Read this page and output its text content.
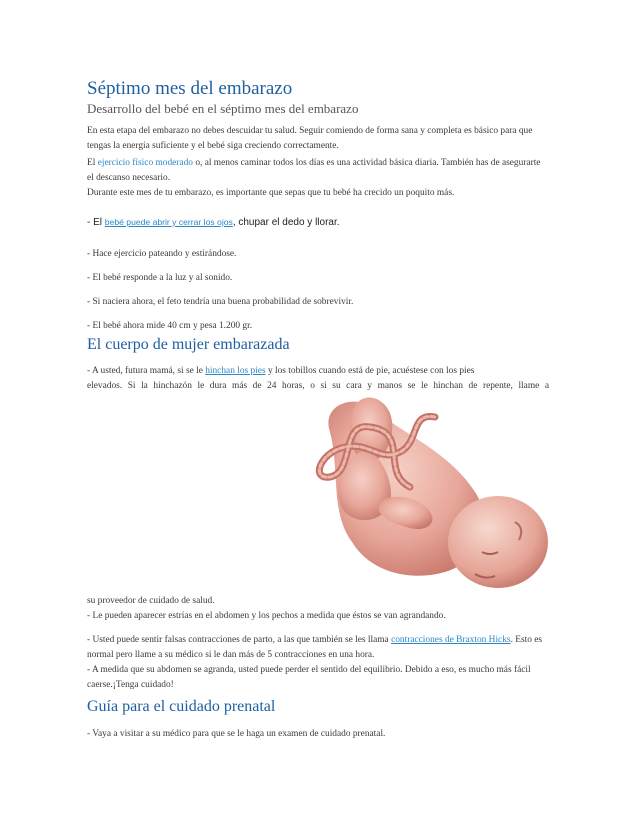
Séptimo mes del embarazo
Desarrollo del bebé en el séptimo mes del embarazo

En esta etapa del embarazo no debes descuidar tu salud. Seguir comiendo de forma sana y completa es básico para que tengas la energía suficiente y el bebé siga creciendo correctamente.

El ejercicio físico moderado o, al menos caminar todos los días es una actividad básica diaria. También has de asegurarte el descanso necesario.

Durante este mes de tu embarazo, es importante que sepas que tu bebé ha crecido un poquito más.

- El bebé puede abrir y cerrar los ojos, chupar el dedo y llorar.

- Hace ejercicio pateando y estirándose.

- El bebé responde a la luz y al sonido.

- Si naciera ahora, el feto tendría una buena probabilidad de sobrevivir.

- El bebé ahora mide 40 cm y pesa 1.200 gr.

El cuerpo de mujer embarazada

- A usted, futura mamá, si se le hinchan los pies y los tobillos cuando está de pie, acuéstese con los pies

elevados. Si la hinchazón le dura más de 24 horas, o si su cara y manos se le hinchan de repente, llame a

su proveedor de cuidado de salud.

- Le pueden aparecer estrías en el abdomen y los pechos a medida que éstos se van agrandando.

- Usted puede sentir falsas contracciones de parto, a las que también se les llama contracciones de Braxton Hicks. Esto es normal pero llame a su médico si le dan más de 5 contracciones en una hora.

- A medida que su abdomen se agranda, usted puede perder el sentido del equilibrio. Debido a eso, es mucho más fácil caerse.¡Tenga cuidado!

Guía para el cuidado prenatal

- Vaya a visitar a su médico para que se le haga un examen de cuidado prenatal.
